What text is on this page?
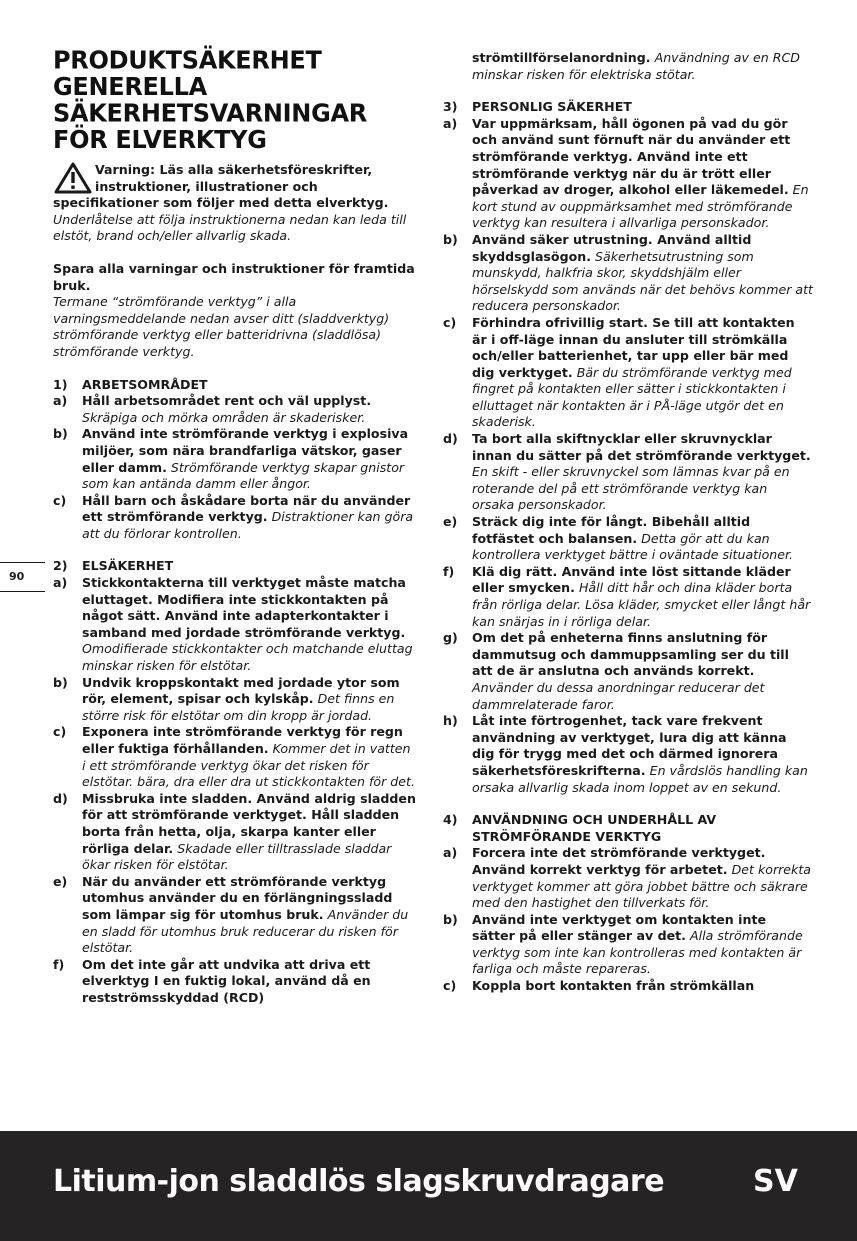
PRODUKTSÄKERHET
GENERELLA
SÄKERHETSVARNINGAR
FÖR ELVERKTYG

Varning: Läs alla säkerhetsföreskrifter,

instruktioner, illustrationer och

specifikationer som följer med detta elverktyg.

Underlåtelse att följa instruktionerna nedan kan leda till elstöt, brand och/eller allvarlig skada.

Spara alla varningar och instruktioner för framtida bruk.

Termane “strömförande verktyg” i alla varningsmeddelande nedan avser ditt (sladdverktyg) strömförande verktyg eller batteridrivna (sladdlösa) strömförande verktyg.

1)	ARBETSOMRÅDET
a)	Håll arbetsområdet rent och väl upplyst. Skräpiga och mörka områden är skaderisker.
b)	Använd inte strömförande verktyg i explosiva miljöer, som nära brandfarliga vätskor, gaser eller damm. Strömförande verktyg skapar gnistor som kan antända damm eller ångor.
c)	Håll barn och åskådare borta när du använder ett strömförande verktyg. Distraktioner kan göra att du förlorar kontrollen.
2)	ELSÄKERHET
a)	Stickkontakterna till verktyget måste matcha eluttaget. Modifiera inte stickkontakten på något sätt. Använd inte adapterkontakter i samband med jordade strömförande verktyg. Omodifierade stickkontakter och matchande eluttag minskar risken för elstötar.
b)	Undvik kroppskontakt med jordade ytor som rör, element, spisar och kylskåp. Det finns en större risk för elstötar om din kropp är jordad.
c)	Exponera inte strömförande verktyg för regn eller fuktiga förhållanden. Kommer det in vatten i ett strömförande verktyg ökar det risken för elstötar. bära, dra eller dra ut stickkontakten för det.
d)	Missbruka inte sladden. Använd aldrig sladden för att strömförande verktyget. Håll sladden borta från hetta, olja, skarpa kanter eller rörliga delar. Skadade eller tilltrasslade sladdar ökar risken för elstötar.
e)	När du använder ett strömförande verktyg utomhus använder du en förlängningssladd som lämpar sig för utomhus bruk. Använder du en sladd för utomhus bruk reducerar du risken för elstötar.
f)	Om det inte går att undvika att driva ett elverktyg I en fuktig lokal, använd då en restströmsskyddad (RCD)
90

strömtillförselanordning. Användning av en RCD minskar risken för elektriska stötar.

3)	PERSONLIG SÄKERHET
a)	Var uppmärksam, håll ögonen på vad du gör och använd sunt förnuft när du använder ett strömförande verktyg. Använd inte ett strömförande verktyg när du är trött eller påverkad av droger, alkohol eller läkemedel. En kort stund av ouppmärksamhet med strömförande verktyg kan resultera i allvarliga personskador.
b)	Använd säker utrustning. Använd alltid skyddsglasögon. Säkerhetsutrustning som munskydd, halkfria skor, skyddshjälm eller hörselskydd som används när det behövs kommer att reducera personskador.
c)	Förhindra ofrivillig start. Se till att kontakten är i off-läge innan du ansluter till strömkälla och/eller batterienhet, tar upp eller bär med dig verktyget. Bär du strömförande verktyg med fingret på kontakten eller sätter i stickkontakten i elluttaget när kontakten är i PÅ-läge utgör det en skaderisk.
d)	Ta bort alla skiftnycklar eller skruvnycklar innan du sätter på det strömförande verktyget. En skift - eller skruvnyckel som lämnas kvar på en roterande del på ett strömförande verktyg kan orsaka personskador.
e)	Sträck dig inte för långt. Bibehåll alltid fotfästet och balansen. Detta gör att du kan kontrollera verktyget bättre i oväntade situationer.
f)	Klä dig rätt. Använd inte löst sittande kläder eller smycken. Håll ditt hår och dina kläder borta från rörliga delar. Lösa kläder, smycket eller långt hår kan snärjas in i rörliga delar.
g)	Om det på enheterna finns anslutning för dammutsug och dammuppsamling ser du till att de är anslutna och används korrekt. Använder du dessa anordningar reducerar det dammrelaterade faror.
h)	Låt inte förtrogenhet, tack vare frekvent användning av verktyget, lura dig att känna dig för trygg med det och därmed ignorera säkerhetsföreskrifterna. En vårdslös handling kan orsaka allvarlig skada inom loppet av en sekund.
4)	ANVÄNDNING OCH UNDERHÅLL AV STRÖMFÖRANDE VERKTYG
a)	Forcera inte det strömförande verktyget. Använd korrekt verktyg för arbetet. Det korrekta verktyget kommer att göra jobbet bättre och säkrare med den hastighet den tillverkats för.
b)	Använd inte verktyget om kontakten inte sätter på eller stänger av det. Alla strömförande verktyg som inte kan kontrolleras med kontakten är farliga och måste repareras.
c)	Koppla bort kontakten från strömkällan
Litium-jon sladdlös slagskruvdragare	SV
